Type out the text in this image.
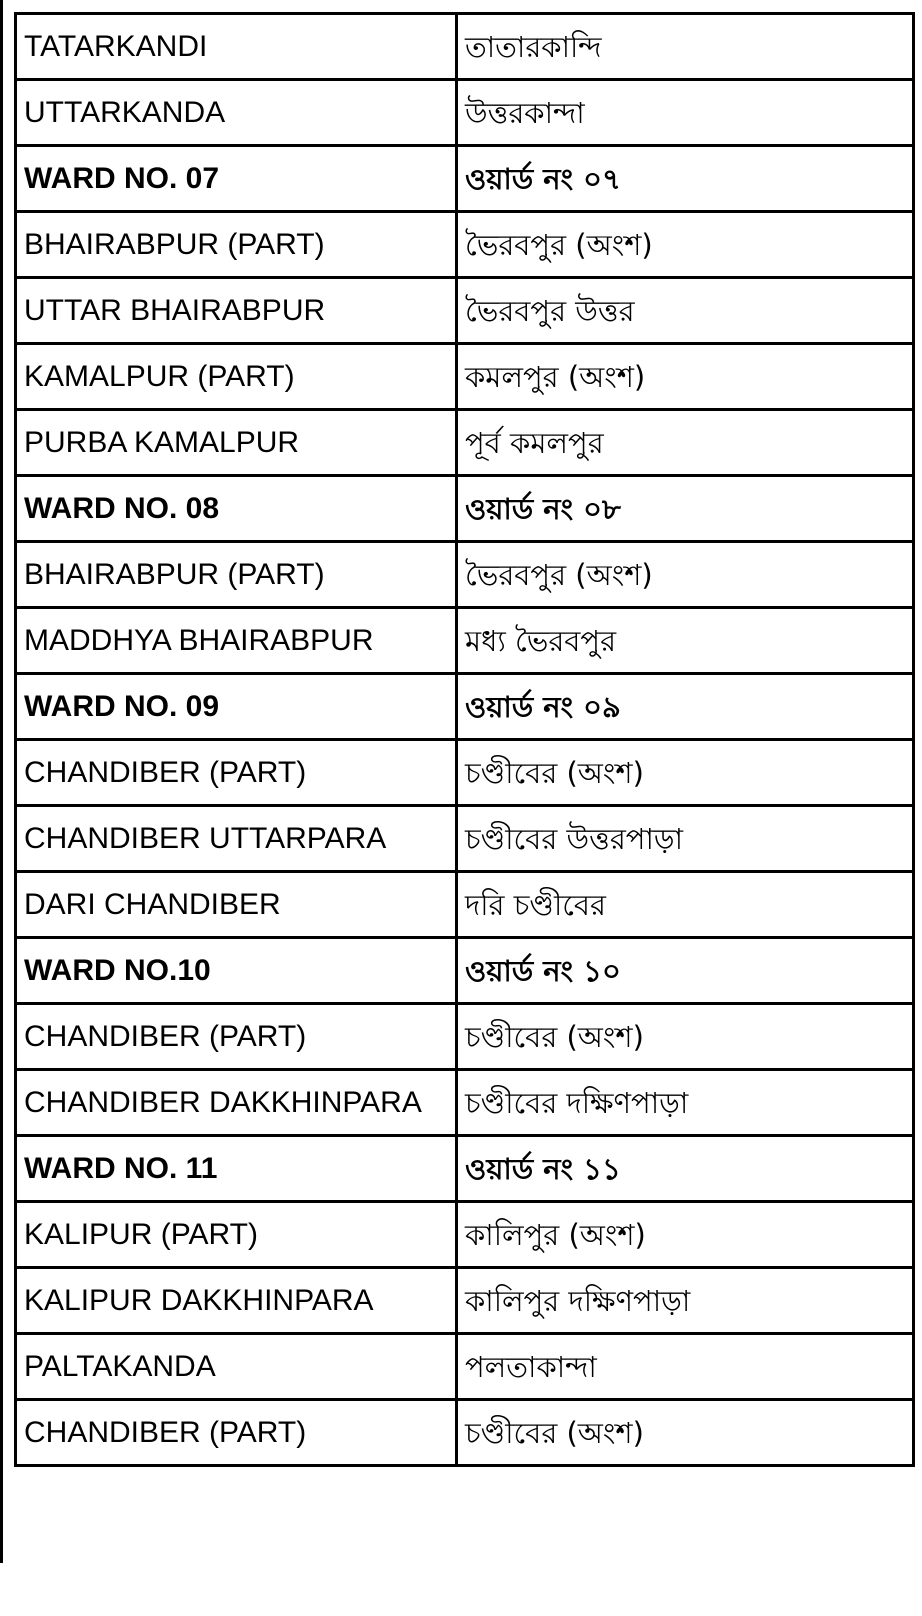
TATARKANDI	তাতারকান্দি
UTTARKANDA	উত্তরকান্দা
WARD NO. 07	ওয়ার্ড নং ০৭
BHAIRABPUR (PART)	ভৈরবপুর (অংশ)
UTTAR BHAIRABPUR	ভৈরবপুর উত্তর
KAMALPUR (PART)	কমলপুর (অংশ)
PURBA KAMALPUR	পূর্ব কমলপুর
WARD NO. 08	ওয়ার্ড নং ০৮
BHAIRABPUR (PART)	ভৈরবপুর (অংশ)
MADDHYA BHAIRABPUR	মধ্য ভৈরবপুর
WARD NO. 09	ওয়ার্ড নং ০৯
CHANDIBER (PART)	চণ্ডীবের (অংশ)
CHANDIBER UTTARPARA	চণ্ডীবের উত্তরপাড়া
DARI CHANDIBER	দরি চণ্ডীবের
WARD NO.10	ওয়ার্ড নং ১০
CHANDIBER (PART)	চণ্ডীবের (অংশ)
CHANDIBER DAKKHINPARA	চণ্ডীবের দক্ষিণপাড়া
WARD NO. 11	ওয়ার্ড নং ১১
KALIPUR (PART)	কালিপুর (অংশ)
KALIPUR DAKKHINPARA	কালিপুর দক্ষিণপাড়া
PALTAKANDA	পলতাকান্দা
CHANDIBER (PART)	চণ্ডীবের (অংশ)
